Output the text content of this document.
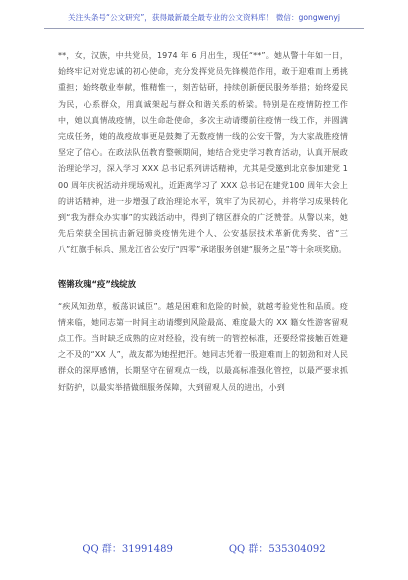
关注头条号“公文研究”，获得最新最全最专业的公文资料库！ 微信：gongwenyj

**，女，汉族，中共党员，1974 年 6 月出生，现任“**”。她从警十年如一日，始终牢记对党忠诚的初心使命，充分发挥党员先锋模范作用，敢于迎难而上勇挑重担；始终敬业奉献，惟精惟一，刻苦钻研，持续创新便民服务举措；始终爱民为民，心系群众，用真诚架起与群众和谐关系的桥梁。特别是在疫情防控工作中，她以真情战疫情，以生命赴使命，多次主动请缨前往疫情一线工作，并圆满完成任务，她的战疫故事更是鼓舞了无数疫情一线的公安干警，为大家战胜疫情坚定了信心。在政法队伍教育整顿期间，她结合党史学习教育活动，认真开展政治理论学习，深入学习 XXX 总书记系列讲话精神，尤其是受邀到北京参加建党 100 周年庆祝活动并现场观礼，近距离学习了 XXX 总书记在建党100 周年大会上的讲话精神，进一步增强了政治理论水平，筑牢了为民初心，并将学习成果转化到“我为群众办实事”的实践活动中，得到了辖区群众的广泛赞誉。从警以来，她先后荣获全国抗击新冠肺炎疫情先进个人、公安基层技术革新优秀奖、省“三八”红旗手标兵、黑龙江省公安厅“四零”承诺服务创建“服务之星”等十余项奖励。

铿锵玫瑰“疫”线绽放

“疾风知劲草，板荡识诚臣”。越是困难和危险的时候，就越考验党性和品质。疫情来临，她同志第一时间主动请缨到风险最高、难度最大的 XX 籍女性游客留观点工作。当时缺乏成熟的应对经验，没有统一的管控标准，还要经常接触百姓避之不及的“XX 人”，战友都为她捏把汗。她同志凭着一股迎难而上的韧劲和对人民群众的深厚感情，长期坚守在留观点一线，以最高标准强化管控，以最严要求抓好防护，以最实举措做细服务保障，大到留观人员的进出，小到

QQ 群：31991489	QQ 群：535304092
